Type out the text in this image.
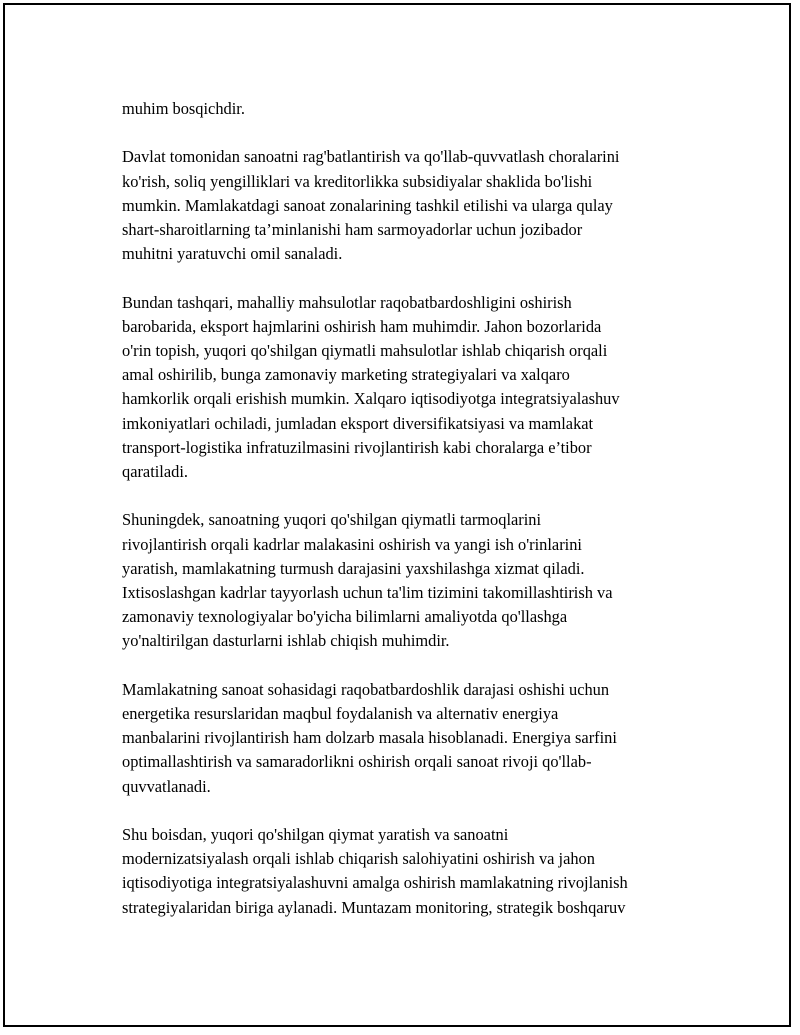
muhim bosqichdir.

Davlat tomonidan sanoatni rag'batlantirish va qo'llab-quvvatlash choralarini
ko'rish, soliq yengilliklari va kreditorlikka subsidiyalar shaklida bo'lishi
mumkin. Mamlakatdagi sanoat zonalarining tashkil etilishi va ularga qulay
shart-sharoitlarning ta’minlanishi ham sarmoyadorlar uchun jozibador
muhitni yaratuvchi omil sanaladi.

Bundan tashqari, mahalliy mahsulotlar raqobatbardoshligini oshirish
barobarida, eksport hajmlarini oshirish ham muhimdir. Jahon bozorlarida
o'rin topish, yuqori qo'shilgan qiymatli mahsulotlar ishlab chiqarish orqali
amal oshirilib, bunga zamonaviy marketing strategiyalari va xalqaro
hamkorlik orqali erishish mumkin. Xalqaro iqtisodiyotga integratsiyalashuv
imkoniyatlari ochiladi, jumladan eksport diversifikatsiyasi va mamlakat
transport-logistika infratuzilmasini rivojlantirish kabi choralarga e’tibor
qaratiladi.

Shuningdek, sanoatning yuqori qo'shilgan qiymatli tarmoqlarini
rivojlantirish orqali kadrlar malakasini oshirish va yangi ish o'rinlarini
yaratish, mamlakatning turmush darajasini yaxshilashga xizmat qiladi.
Ixtisoslashgan kadrlar tayyorlash uchun ta'lim tizimini takomillashtirish va
zamonaviy texnologiyalar bo'yicha bilimlarni amaliyotda qo'llashga
yo'naltirilgan dasturlarni ishlab chiqish muhimdir.

Mamlakatning sanoat sohasidagi raqobatbardoshlik darajasi oshishi uchun
energetika resurslaridan maqbul foydalanish va alternativ energiya
manbalarini rivojlantirish ham dolzarb masala hisoblanadi. Energiya sarfini
optimallashtirish va samaradorlikni oshirish orqali sanoat rivoji qo'llab-
quvvatlanadi.

Shu boisdan, yuqori qo'shilgan qiymat yaratish va sanoatni
modernizatsiyalash orqali ishlab chiqarish salohiyatini oshirish va jahon
iqtisodiyotiga integratsiyalashuvni amalga oshirish mamlakatning rivojlanish
strategiyalaridan biriga aylanadi. Muntazam monitoring, strategik boshqaruv
